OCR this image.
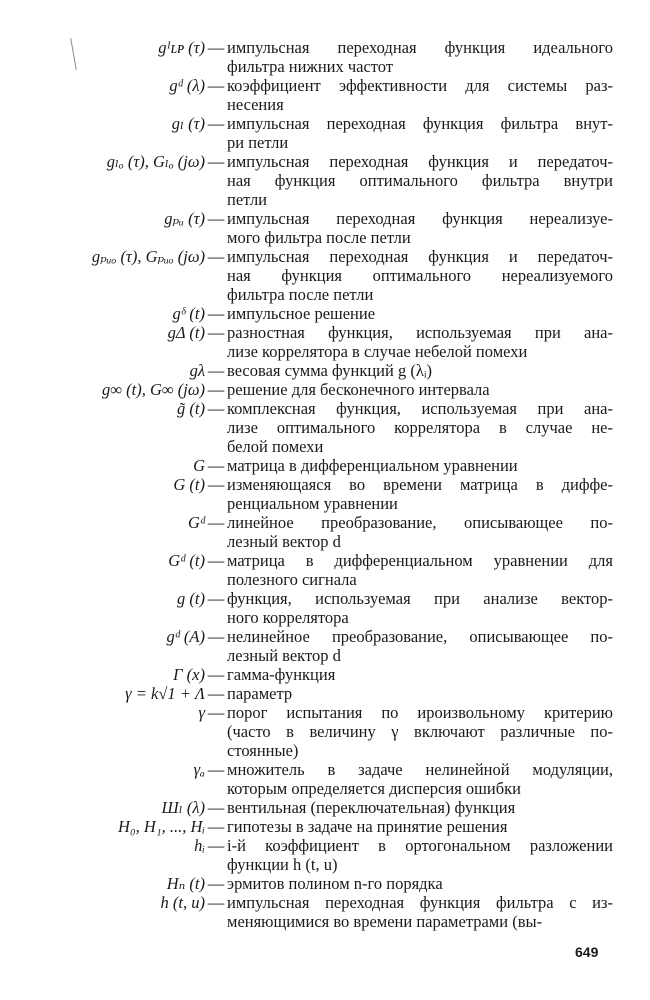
gᴵʟᴘ (τ) — импульсная переходная функция идеального
фильтра нижних частот
gᵈ (λ) — коэффициент эффективности для системы раз-
несения
gₗ (τ) — импульсная переходная функция фильтра внут-
ри петли
gₗₒ (τ), Gₗₒ (jω) — импульсная переходная функция и передаточ-
ная функция оптимального фильтра внутри
петли
gₚᵤ (τ) — импульсная переходная функция нереализуе-
мого фильтра после петли
gₚᵤₒ (τ), Gₚᵤₒ (jω) — импульсная переходная функция и передаточ-
ная функция оптимального нереализуемого
фильтра после петли
gᵟ (t) — импульсное решение
gΔ (t) — разностная функция, используемая при ана-
лизе коррелятора в случае небелой помехи
gλ — весовая сумма функций g (λᵢ)
g∞ (t), G∞ (jω) — решение для бесконечного интервала
g̃ (t) — комплексная функция, используемая при ана-
лизе оптимального коррелятора в случае не-
белой помехи
G — матрица в дифференциальном уравнении
G (t) — изменяющаяся во времени матрица в диффе-
ренциальном уравнении
Gᵈ — линейное преобразование, описывающее по-
лезный вектор d
Gᵈ (t) — матрица в дифференциальном уравнении для
полезного сигнала
g (t) — функция, используемая при анализе вектор-
ного коррелятора
gᵈ (A) — нелинейное преобразование, описывающее по-
лезный вектор d
Γ (x) — гамма-функция
γ = k√1 + Λ — параметр
γ — порог испытания по ироизвольному критерию
(часто в величину γ включают различные по-
стоянные)
γₐ — множитель в задаче нелинейной модуляции,
которым определяется дисперсия ошибки
Шₗ (λ) — вентильная (переключательная) функция
H₀, H₁, ..., Hᵢ — гипотезы в задаче на принятие решения
hᵢ — i-й коэффициент в ортогональном разложении
функции h (t, u)
Hₙ (t) — эрмитов полином n-го порядка
h (t, u) — импульсная переходная функция фильтра с из-
меняющимися во времени параметрами (вы-
649
